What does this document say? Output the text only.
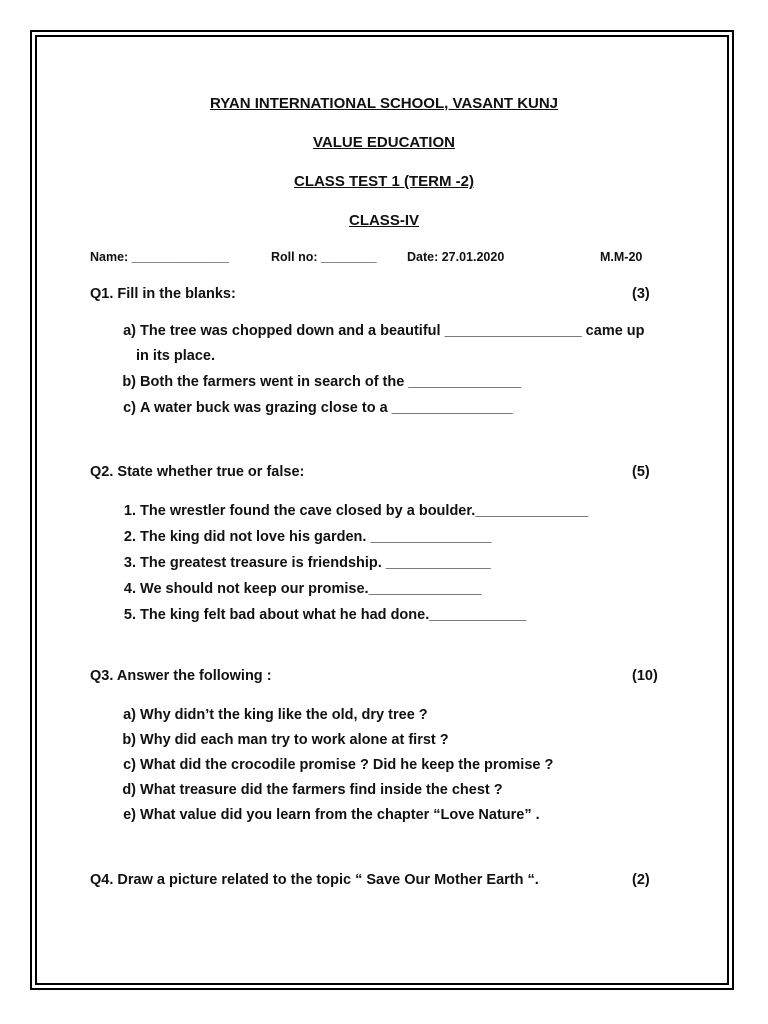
RYAN INTERNATIONAL SCHOOL, VASANT KUNJ
VALUE EDUCATION
CLASS TEST 1 (TERM -2)
CLASS-IV
Name: ______________	Roll no: ________ Date: 27.01.2020	M.M-20
Q1. Fill in the blanks:	(3)
a) The tree was chopped down and a beautiful _________________ came up
in its place.
b) Both the farmers went in search of the ______________
c) A water buck was grazing close to a _______________
Q2. State whether true or false:	(5)
1. The wrestler found the cave closed by a boulder.______________
2. The king did not love his garden. _______________
3. The greatest treasure is friendship. _____________
4. We should not keep our promise.______________
5. The king felt bad about what he had done.____________
Q3. Answer the following :	(10)
a) Why didn’t the king like the old, dry tree ?
b) Why did each man try to work alone at first ?
c) What did the crocodile promise ? Did he keep the promise ?
d) What treasure did the farmers find inside the chest ?
e) What value did you learn from the chapter “Love Nature” .
Q4. Draw a picture related to the topic “ Save Our Mother Earth “.	(2)
